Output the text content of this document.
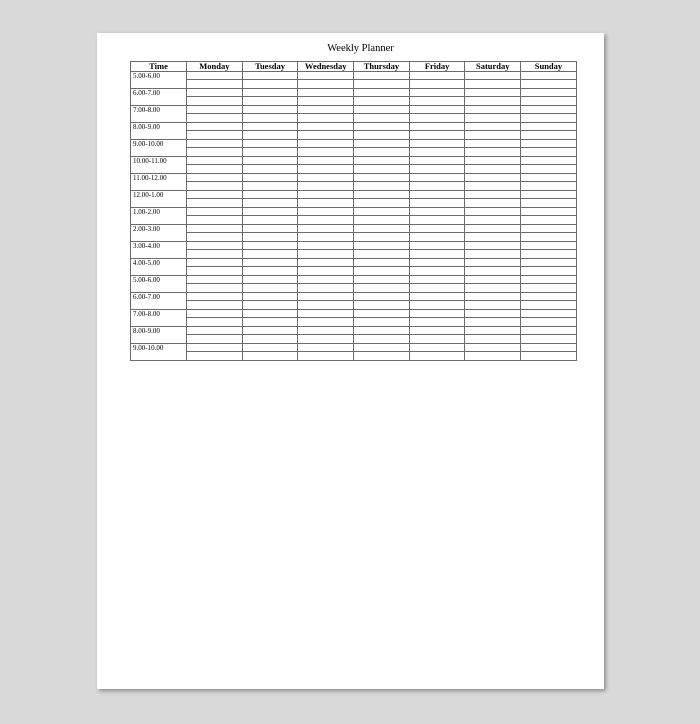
Weekly Planner
Time	Monday	Tuesday	Wednesday	Thursday	Friday	Saturday	Sunday

5.00-6.00							

6.00-7.00							

7.00-8.00							

8.00-9.00							

9.00-10.00							

10.00-11.00							

11.00-12.00							

12.00-1.00							

1.00-2.00							

2.00-3.00							

3.00-4.00							

4.00-5.00							

5.00-6.00							

6.00-7.00							

7.00-8.00							

8.00-9.00							

9.00-10.00							
